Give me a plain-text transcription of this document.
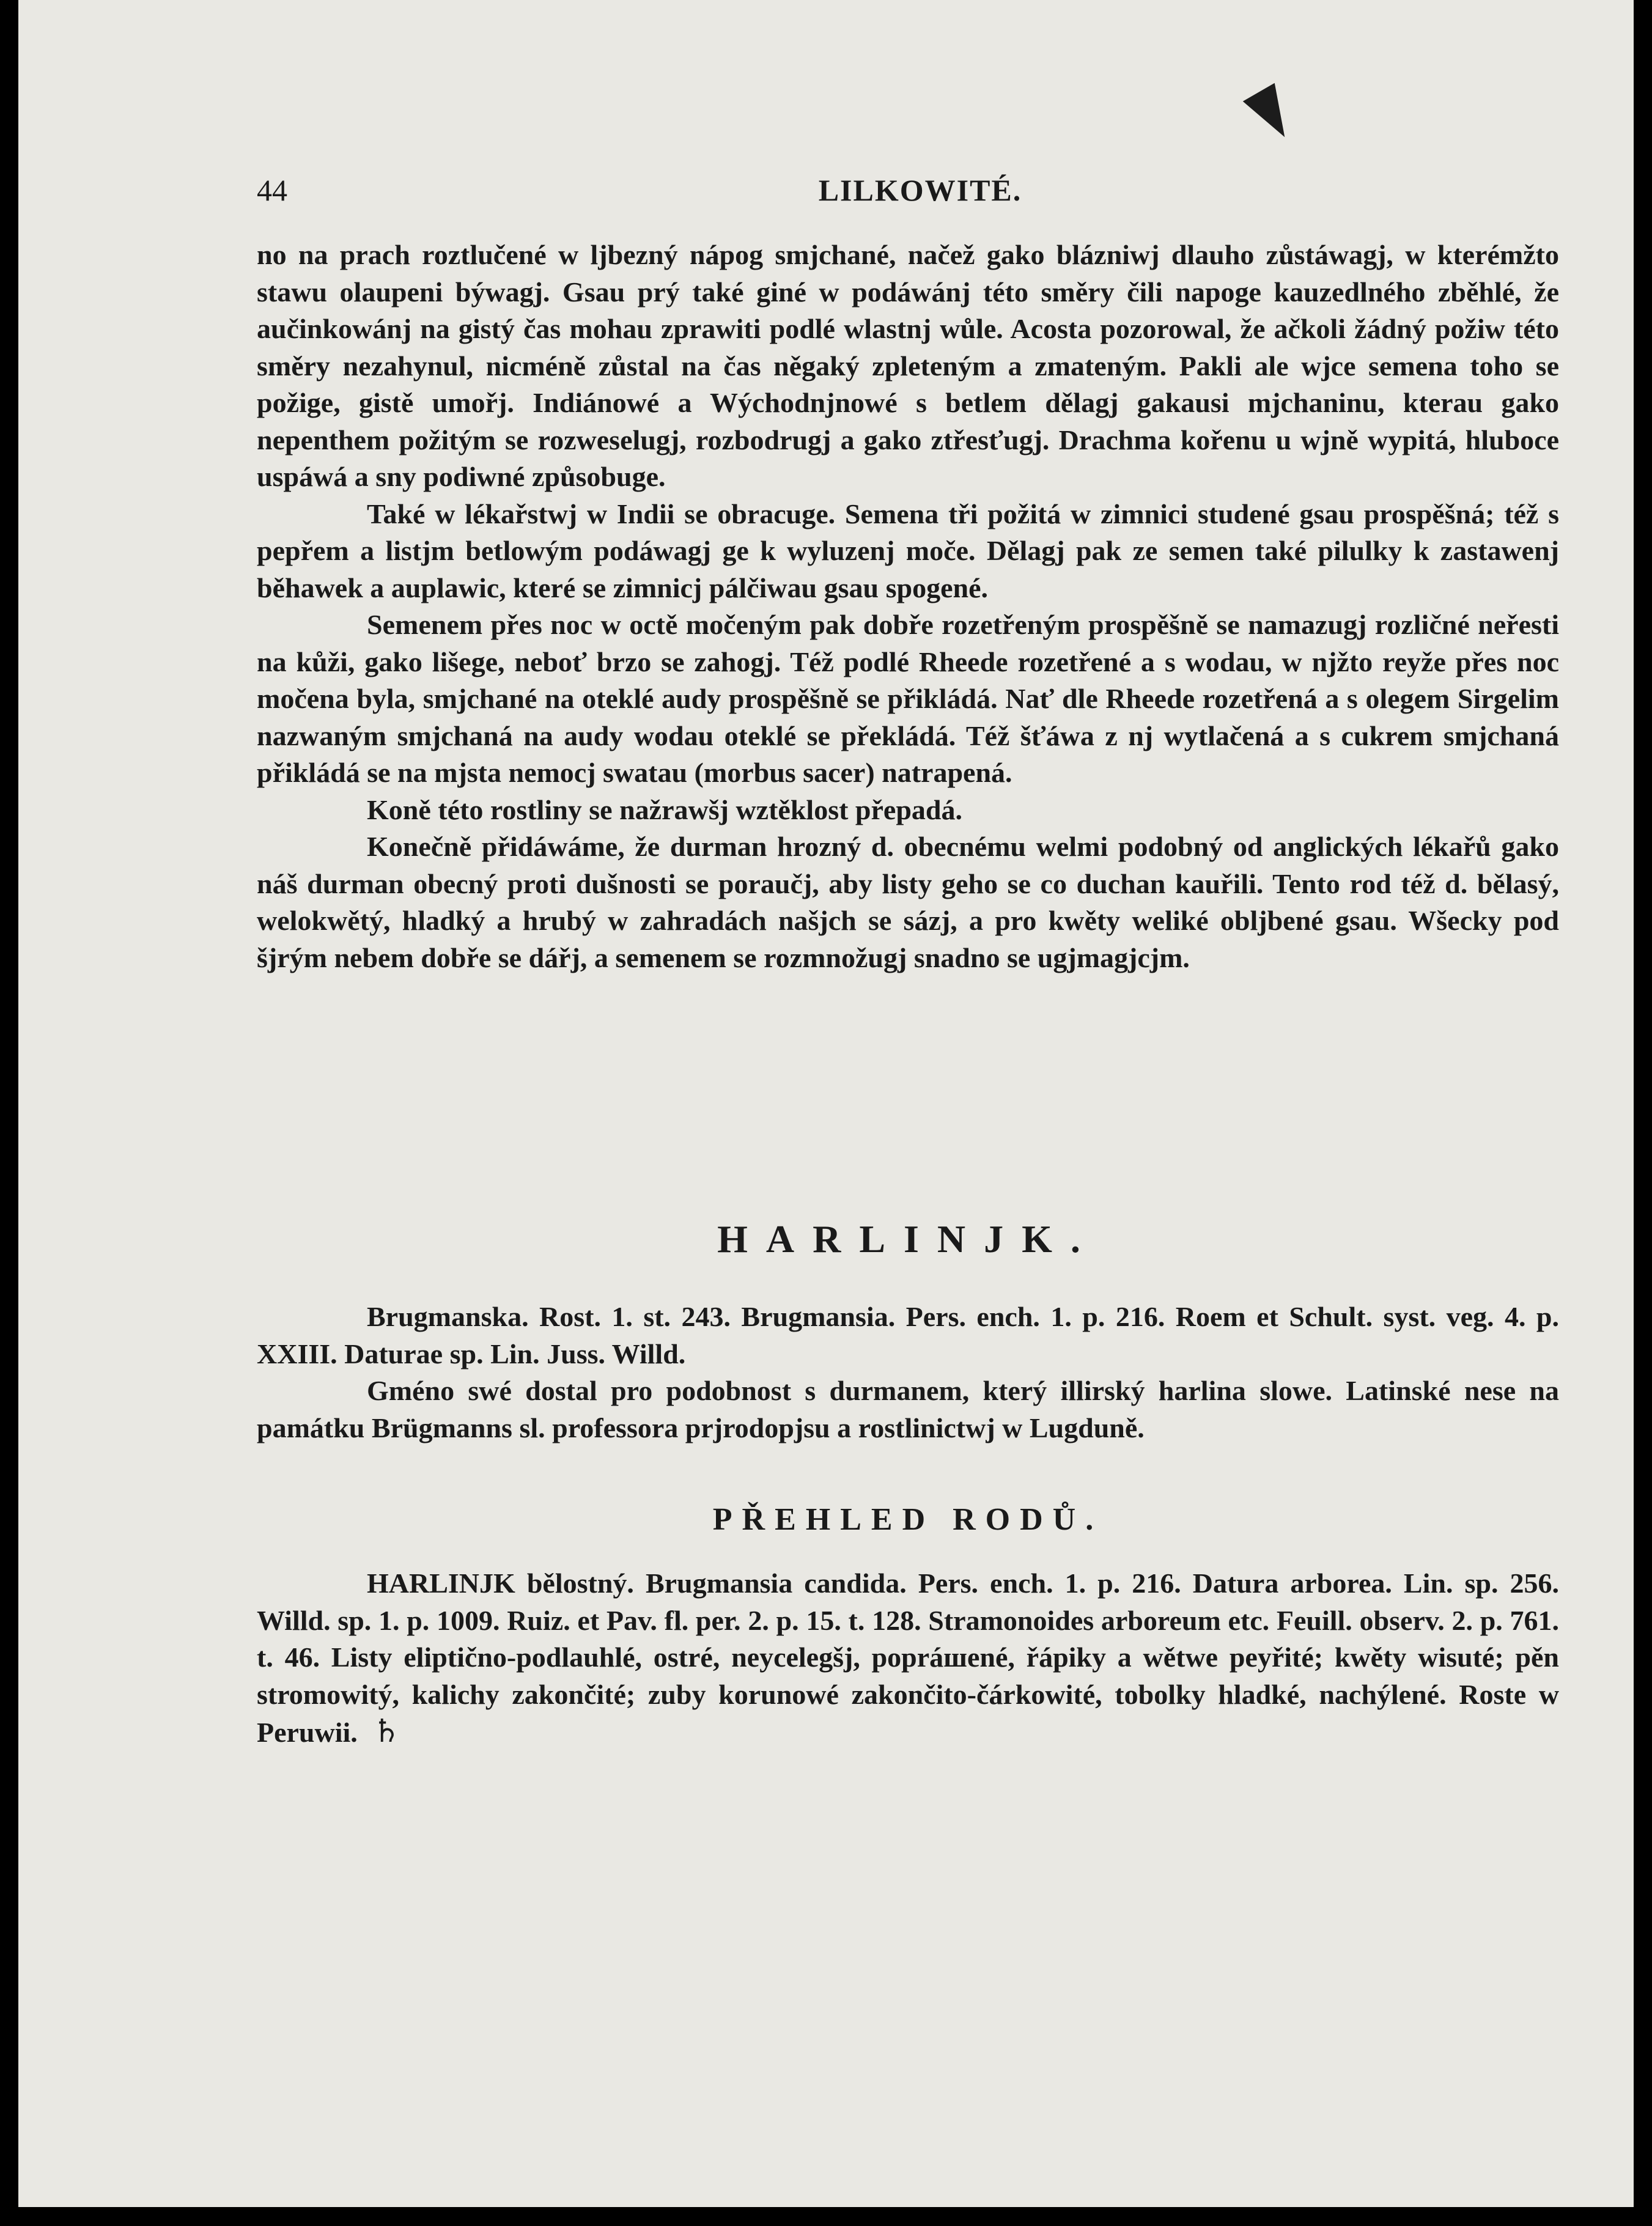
44	LILKOWITÉ.

no na prach roztlučené w ljbezný nápog smjchané, načež gako blázniwj dlauho zůstáwagj, w kterémžto stawu olaupeni býwagj. Gsau prý také giné w podáwánj této směry čili napoge kauzedlného zběhlé, že aučinkowánj na gistý čas mohau zprawiti podlé wlastnj wůle. Acosta pozorowal, že ačkoli žádný požiw této směry nezahynul, nicméně zůstal na čas něgaký zpleteným a zmateným. Pakli ale wjce semena toho se požige, gistě umořj. Indiánowé a Wýchodnjnowé s betlem dělagj gakausi mjchaninu, kterau gako nepenthem požitým se rozweselugj, rozbodrugj a gako ztřesťugj. Drachma kořenu u wjně wypitá, hlubocе uspáwá a sny podiwné způsobuge.

Také w lékařstwj w Indii se obracuge. Semena tři požitá w zimnici studené gsau prospěšná; též s pepřem a listjm betlowým podáwagj ge k wyluzenj moče. Dělagj pak ze semen také pilulky k zastawenj běhawek a auplawic, které se zimnicj pálčiwau gsau spogené.

Semenem přes noc w octě močeným pak dobře rozetřeným prospěšně se namazugj rozličné neřesti na kůži, gako lišege, neboť brzo se zahogj. Též podlé Rheede rozetřené a s wodau, w njžto reyže přes noc močena byla, smjchané na oteklé audy prospěšně se přikládá. Nať dle Rheede rozetřená a s olegem Sirgelim nazwaným smjchaná na audy wodau oteklé se překládá. Též šťáwa z nj wytlačená a s cukrem smjchaná přikládá se na mjsta nemocj swatau (morbus sacer) natrapená.

Koně této rostliny se nažrawšj wztěklost přepadá.

Konečně přidáwáme, že durman hrozný d. obecnému welmi podobný od anglických lékařů gako náš durman obecný proti dušnosti se poraučj, aby listy geho se co duchan kauřili. Tento rod též d. bělasý, welokwětý, hladký a hrubý w zahradách našjch se sázj, a pro kwěty weliké obljbené gsau. Wšecky pod šjrým nebem dobře se dářj, a semenem se rozmnožugj snadno se ugjmagjcjm.

HARLINJK.

Brugmanska. Rost. 1. st. 243. Brugmansia. Pers. ench. 1. p. 216. Roem et Schult. syst. veg. 4. p. XXIII. Daturae sp. Lin. Juss. Willd.

Gméno swé dostal pro podobnost s durmanem, který illirský harlina slowe. Latinské nese na památku Brügmanns sl. professora prjrodopjsu a rostlinictwj w Lugduně.

PŘEHLED RODŮ.

HARLINJK bělostný. Brugmansia candida. Pers. ench. 1. p. 216. Datura arborea. Lin. sp. 256. Willd. sp. 1. p. 1009. Ruiz. et Pav. fl. per. 2. p. 15. t. 128. Stramonoides arboreum etc. Feuill. observ. 2. p. 761. t. 46. Listy eliptično-podlauhlé, ostré, neycelegšj, popráшené, řápiky a wětwe peyřité; kwěty wisuté; pěn stromowitý, kalichy zakončité; zuby korunowé zakončito-čárkowité, tobolky hladké, nachýlené. Roste w Peruwii. ♄
